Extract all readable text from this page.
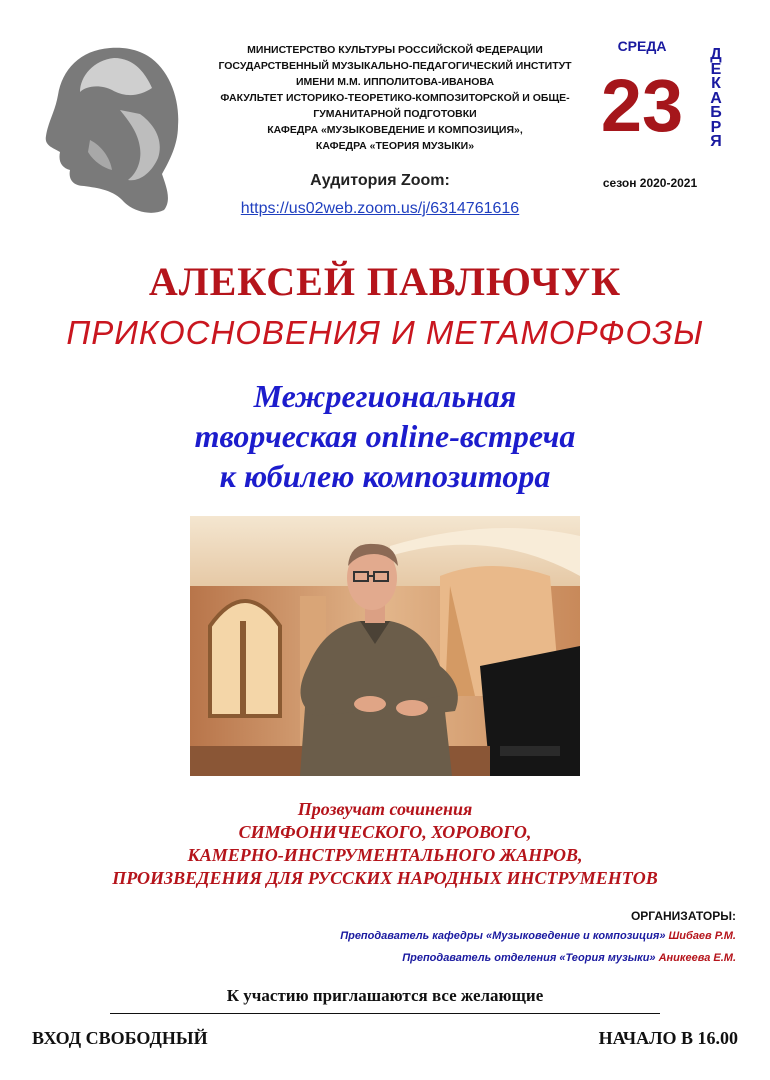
МИНИСТЕРСТВО КУЛЬТУРЫ РОССИЙСКОЙ ФЕДЕРАЦИИ
ГОСУДАРСТВЕННЫЙ МУЗЫКАЛЬНО-ПЕДАГОГИЧЕСКИЙ ИНСТИТУТ
ИМЕНИ М.М. ИППОЛИТОВА-ИВАНОВА
ФАКУЛЬТЕТ ИСТОРИКО-ТЕОРЕТИКО-КОМПОЗИТОРСКОЙ И ОБЩЕ-
ГУМАНИТАРНОЙ ПОДГОТОВКИ
КАФЕДРА «МУЗЫКОВЕДЕНИЕ И КОМПОЗИЦИЯ»,
КАФЕДРА «ТЕОРИЯ МУЗЫКИ»
СРЕДА
23
Д
Е
К
А
Б
Р
Я
сезон 2020-2021
Аудитория Zoom:
https://us02web.zoom.us/j/6314761616
АЛЕКСЕЙ ПАВЛЮЧУК
ПРИКОСНОВЕНИЯ И МЕТАМОРФОЗЫ
Межрегиональная
творческая online-встреча
к юбилею композитора
Прозвучат сочинения
СИМФОНИЧЕСКОГО, ХОРОВОГО,
КАМЕРНО-ИНСТРУМЕНТАЛЬНОГО ЖАНРОВ,
ПРОИЗВЕДЕНИЯ ДЛЯ РУССКИХ НАРОДНЫХ ИНСТРУМЕНТОВ
ОРГАНИЗАТОРЫ:
Преподаватель кафедры «Музыковедение и композиция» Шибаев Р.М.
Преподаватель отделения «Теория музыки» Аникеева Е.М.
К участию приглашаются все желающие
ВХОД СВОБОДНЫЙ	НАЧАЛО В 16.00
